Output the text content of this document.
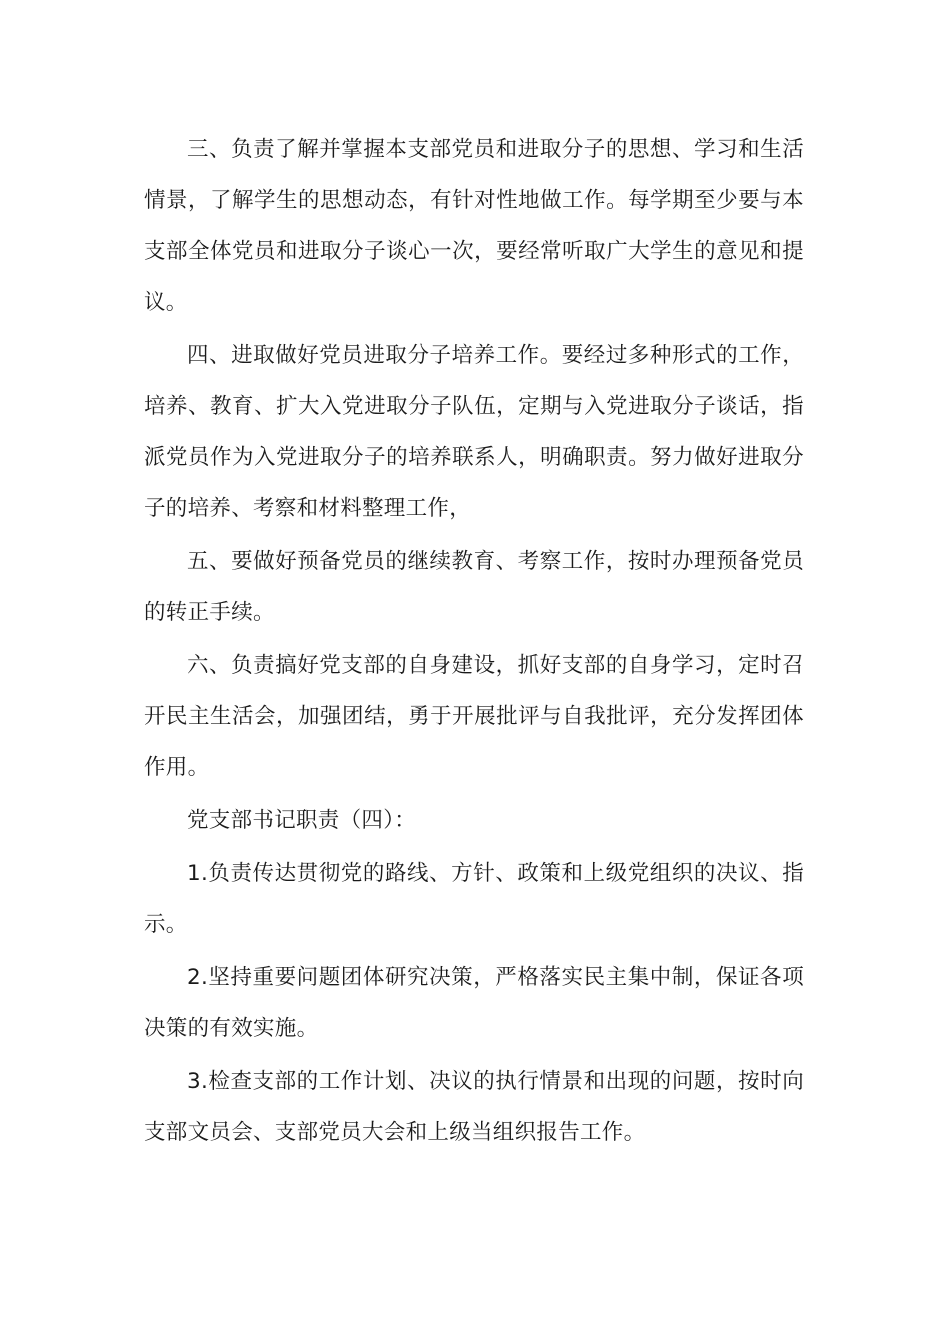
三、负责了解并掌握本支部党员和进取分子的思想、学习和生活情景，了解学生的思想动态，有针对性地做工作。每学期至少要与本支部全体党员和进取分子谈心一次，要经常听取广大学生的意见和提议。

四、进取做好党员进取分子培养工作。要经过多种形式的工作，培养、教育、扩大入党进取分子队伍，定期与入党进取分子谈话，指派党员作为入党进取分子的培养联系人，明确职责。努力做好进取分子的培养、考察和材料整理工作，

五、要做好预备党员的继续教育、考察工作，按时办理预备党员的转正手续。

六、负责搞好党支部的自身建设，抓好支部的自身学习，定时召开民主生活会，加强团结，勇于开展批评与自我批评，充分发挥团体作用。

党支部书记职责（四）：

1.负责传达贯彻党的路线、方针、政策和上级党组织的决议、指示。

2.坚持重要问题团体研究决策，严格落实民主集中制，保证各项决策的有效实施。

3.检查支部的工作计划、决议的执行情景和出现的问题，按时向支部文员会、支部党员大会和上级当组织报告工作。
